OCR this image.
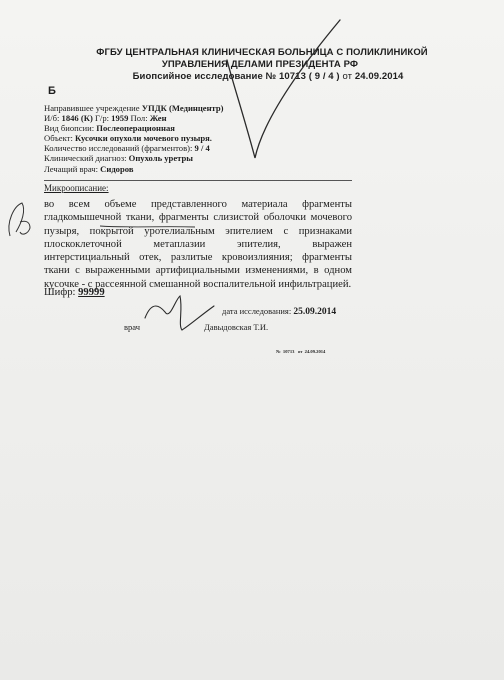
ФГБУ ЦЕНТРАЛЬНАЯ КЛИНИЧЕСКАЯ БОЛЬНИЦА С ПОЛИКЛИНИКОЙ
УПРАВЛЕНИЯ ДЕЛАМИ ПРЕЗИДЕНТА РФ
Биопсийное исследование № 10713 ( 9 / 4 ) от 24.09.2014
Б
Направившее учреждение УПДК (Мединцентр)
И/б: 1846 (К) Г/р: 1959 Пол: Жен
Вид биопсии: Послеоперационная
Объект: Кусочки опухоли мочевого пузыря.
Количество исследований (фрагментов): 9 / 4
Клинический диагноз: Опухоль уретры
Лечащий врач: Сидоров
Микроописание:
во всем объеме представленного материала фрагменты гладкомышечной ткани, фрагменты слизистой оболочки мочевого пузыря, покрытой уротелиальным эпителием с признаками плоскоклеточной метаплазии эпителия, выражен интерстициальный отек, разлитые кровоизлияния; фрагменты ткани с выраженными артифициальными изменениями, в одном кусочке - с рассеянной смешанной воспалительной инфильтрацией.
Шифр: 99999
дата исследования: 25.09.2014
врач	Давыдовская Т.И.
№ 10713 от 24.09.2014
